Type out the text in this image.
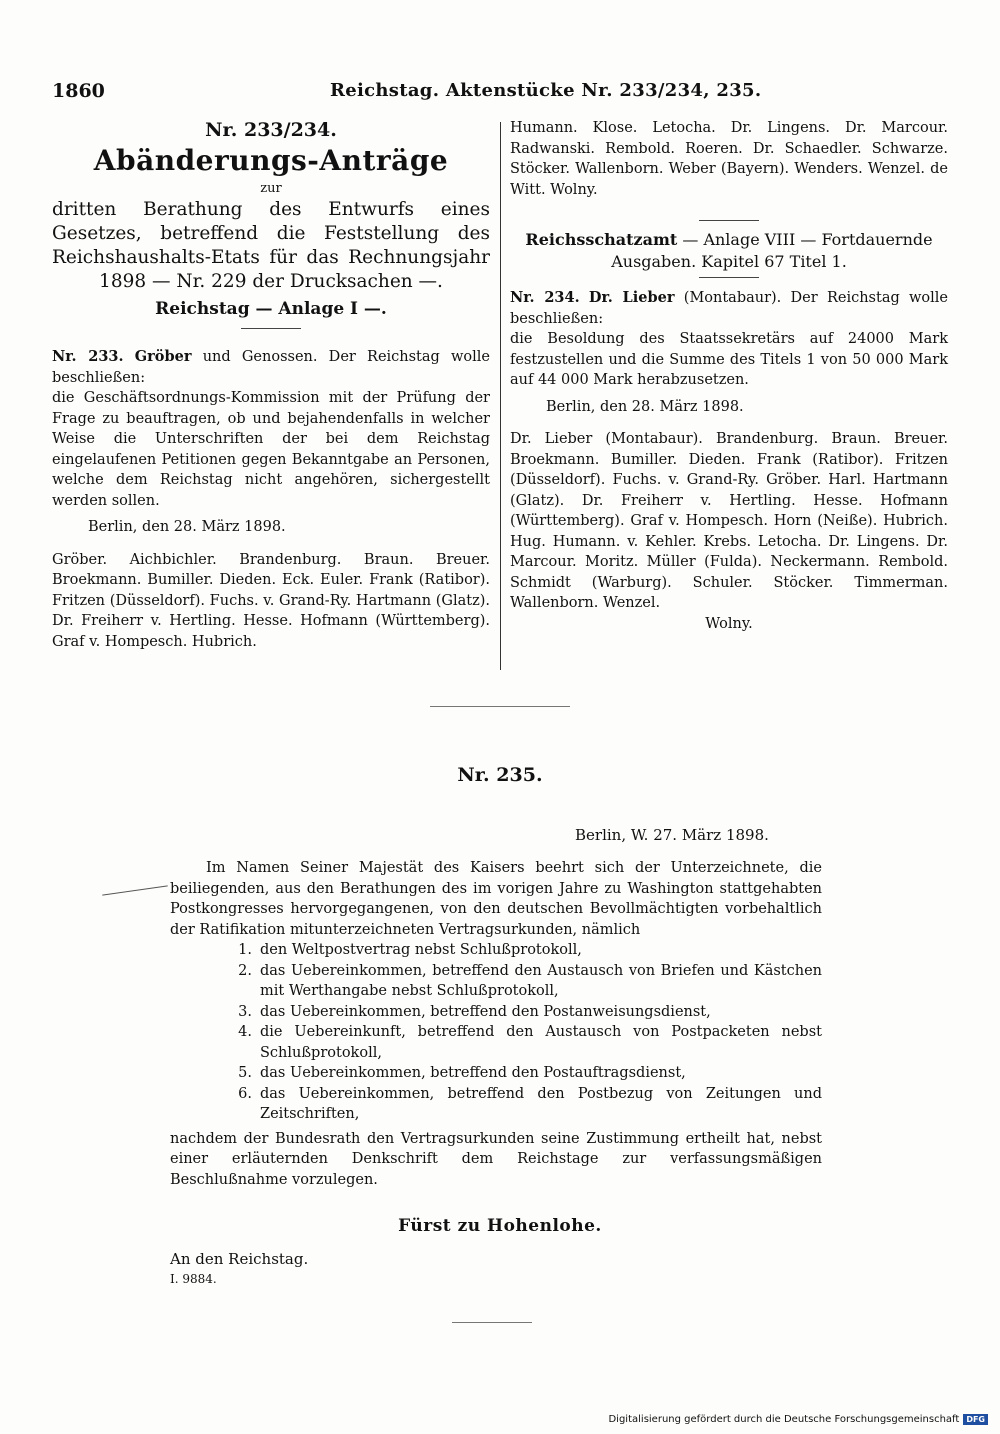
1860	Reichstag. Aktenstücke Nr. 233/234, 235.

Nr. 233/234.

Abänderungs-Anträge

zur

dritten Berathung des Entwurfs eines Gesetzes, betreffend die Feststellung des Reichshaushalts-Etats für das Rechnungsjahr 1898 — Nr. 229 der Drucksachen —.

Reichstag — Anlage I —.

Nr. 233. Gröber und Genossen. Der Reichstag wolle beschließen:

die Geschäftsordnungs-Kommission mit der Prüfung der Frage zu beauftragen, ob und bejahendenfalls in welcher Weise die Unterschriften der bei dem Reichstag eingelaufenen Petitionen gegen Bekanntgabe an Personen, welche dem Reichstag nicht angehören, sichergestellt werden sollen.

Berlin, den 28. März 1898.

Gröber. Aichbichler. Brandenburg. Braun. Breuer. Broekmann. Bumiller. Dieden. Eck. Euler. Frank (Ratibor). Fritzen (Düsseldorf). Fuchs. v. Grand-Ry. Hartmann (Glatz). Dr. Freiherr v. Hertling. Hesse. Hofmann (Württemberg). Graf v. Hompesch. Hubrich.

Humann. Klose. Letocha. Dr. Lingens. Dr. Marcour. Radwanski. Rembold. Roeren. Dr. Schaedler. Schwarze. Stöcker. Wallenborn. Weber (Bayern). Wenders. Wenzel. de Witt. Wolny.

Reichsschatzamt — Anlage VIII — Fortdauernde Ausgaben. Kapitel 67 Titel 1.

Nr. 234. Dr. Lieber (Montabaur). Der Reichstag wolle beschließen:

die Besoldung des Staatssekretärs auf 24000 Mark festzustellen und die Summe des Titels 1 von 50 000 Mark auf 44 000 Mark herabzusetzen.

Berlin, den 28. März 1898.

Dr. Lieber (Montabaur). Brandenburg. Braun. Breuer. Broekmann. Bumiller. Dieden. Frank (Ratibor). Fritzen (Düsseldorf). Fuchs. v. Grand-Ry. Gröber. Harl. Hartmann (Glatz). Dr. Freiherr v. Hertling. Hesse. Hofmann (Württemberg). Graf v. Hompesch. Horn (Neiße). Hubrich. Hug. Humann. v. Kehler. Krebs. Letocha. Dr. Lingens. Dr. Marcour. Moritz. Müller (Fulda). Neckermann. Rembold. Schmidt (Warburg). Schuler. Stöcker. Timmerman. Wallenborn. Wenzel.

Wolny.

Nr. 235.
Berlin, W. 27. März 1898.

Im Namen Seiner Majestät des Kaisers beehrt sich der Unterzeichnete, die beiliegenden, aus den Berathungen des im vorigen Jahre zu Washington stattgehabten Postkongresses hervorgegangenen, von den deutschen Bevollmächtigten vorbehaltlich der Ratifikation mitunterzeichneten Vertragsurkunden, nämlich

1. den Weltpostvertrag nebst Schlußprotokoll,
2. das Uebereinkommen, betreffend den Austausch von Briefen und Kästchen mit Werthangabe nebst Schlußprotokoll,
3. das Uebereinkommen, betreffend den Postanweisungsdienst,
4. die Uebereinkunft, betreffend den Austausch von Postpacketen nebst Schlußprotokoll,
5. das Uebereinkommen, betreffend den Postauftragsdienst,
6. das Uebereinkommen, betreffend den Postbezug von Zeitungen und Zeitschriften,

nachdem der Bundesrath den Vertragsurkunden seine Zustimmung ertheilt hat, nebst einer erläuternden Denkschrift dem Reichstage zur verfassungsmäßigen Beschlußnahme vorzulegen.

Fürst zu Hohenlohe.
An den Reichstag.
I. 9884.
Digitalisierung gefördert durch die Deutsche Forschungsgemeinschaft DFG
